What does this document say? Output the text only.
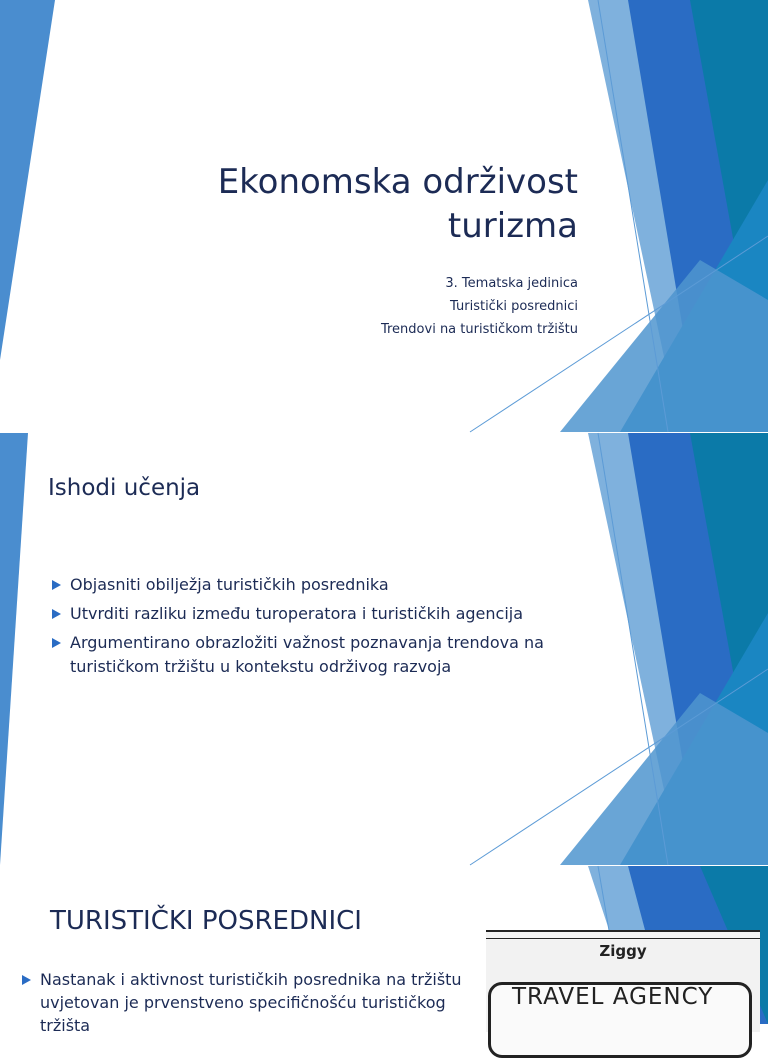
Ekonomska održivost turizma
3. Tematska jedinica
Turistički posrednici
Trendovi na turističkom tržištu
Ishodi učenja
Objasniti obilježja turističkih posrednika
Utvrditi razliku između turoperatora i turističkih agencija
Argumentirano obrazložiti važnost poznavanja trendova na turističkom tržištu u kontekstu održivog razvoja
TURISTIČKI POSREDNICI
Nastanak i aktivnost turističkih posrednika na tržištu uvjetovan je prvenstveno specifičnošću turističkog tržišta
Ziggy
TRAVEL AGENCY
